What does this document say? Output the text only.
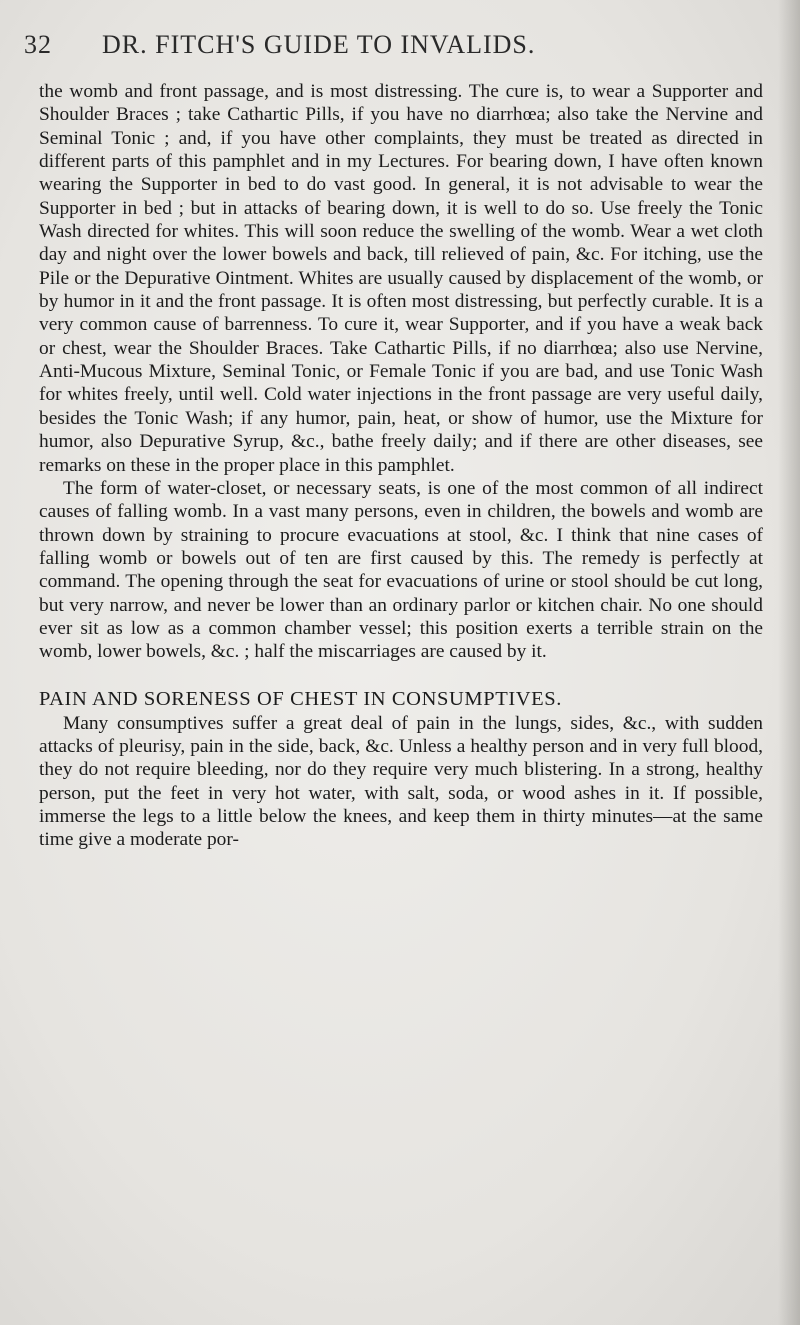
32	DR. FITCH'S GUIDE TO INVALIDS.

the womb and front passage, and is most distressing. The cure is, to wear a Supporter and Shoulder Braces ; take Cathartic Pills, if you have no diarrhœa; also take the Nervine and Seminal Tonic ; and, if you have other complaints, they must be treated as directed in different parts of this pamphlet and in my Lectures. For bearing down, I have often known wearing the Supporter in bed to do vast good. In general, it is not advisable to wear the Supporter in bed ; but in attacks of bearing down, it is well to do so. Use freely the Tonic Wash directed for whites. This will soon reduce the swelling of the womb. Wear a wet cloth day and night over the lower bowels and back, till relieved of pain, &c. For itching, use the Pile or the Depurative Ointment. Whites are usually caused by displacement of the womb, or by humor in it and the front passage. It is often most distressing, but perfectly curable. It is a very common cause of barrenness. To cure it, wear Supporter, and if you have a weak back or chest, wear the Shoulder Braces. Take Cathartic Pills, if no diarrhœa; also use Nervine, Anti-Mucous Mixture, Seminal Tonic, or Female Tonic if you are bad, and use Tonic Wash for whites freely, until well. Cold water injections in the front passage are very useful daily, besides the Tonic Wash; if any humor, pain, heat, or show of humor, use the Mixture for humor, also Depurative Syrup, &c., bathe freely daily; and if there are other diseases, see remarks on these in the proper place in this pamphlet.

The form of water-closet, or necessary seats, is one of the most common of all indirect causes of falling womb. In a vast many persons, even in children, the bowels and womb are thrown down by straining to procure evacuations at stool, &c. I think that nine cases of falling womb or bowels out of ten are first caused by this. The remedy is perfectly at command. The opening through the seat for evacuations of urine or stool should be cut long, but very narrow, and never be lower than an ordinary parlor or kitchen chair. No one should ever sit as low as a common chamber vessel; this position exerts a terrible strain on the womb, lower bowels, &c. ; half the miscarriages are caused by it.

PAIN AND SORENESS OF CHEST IN CONSUMPTIVES.

Many consumptives suffer a great deal of pain in the lungs, sides, &c., with sudden attacks of pleurisy, pain in the side, back, &c. Unless a healthy person and in very full blood, they do not require bleeding, nor do they require very much blistering. In a strong, healthy person, put the feet in very hot water, with salt, soda, or wood ashes in it. If possible, immerse the legs to a little below the knees, and keep them in thirty minutes—at the same time give a moderate por-
